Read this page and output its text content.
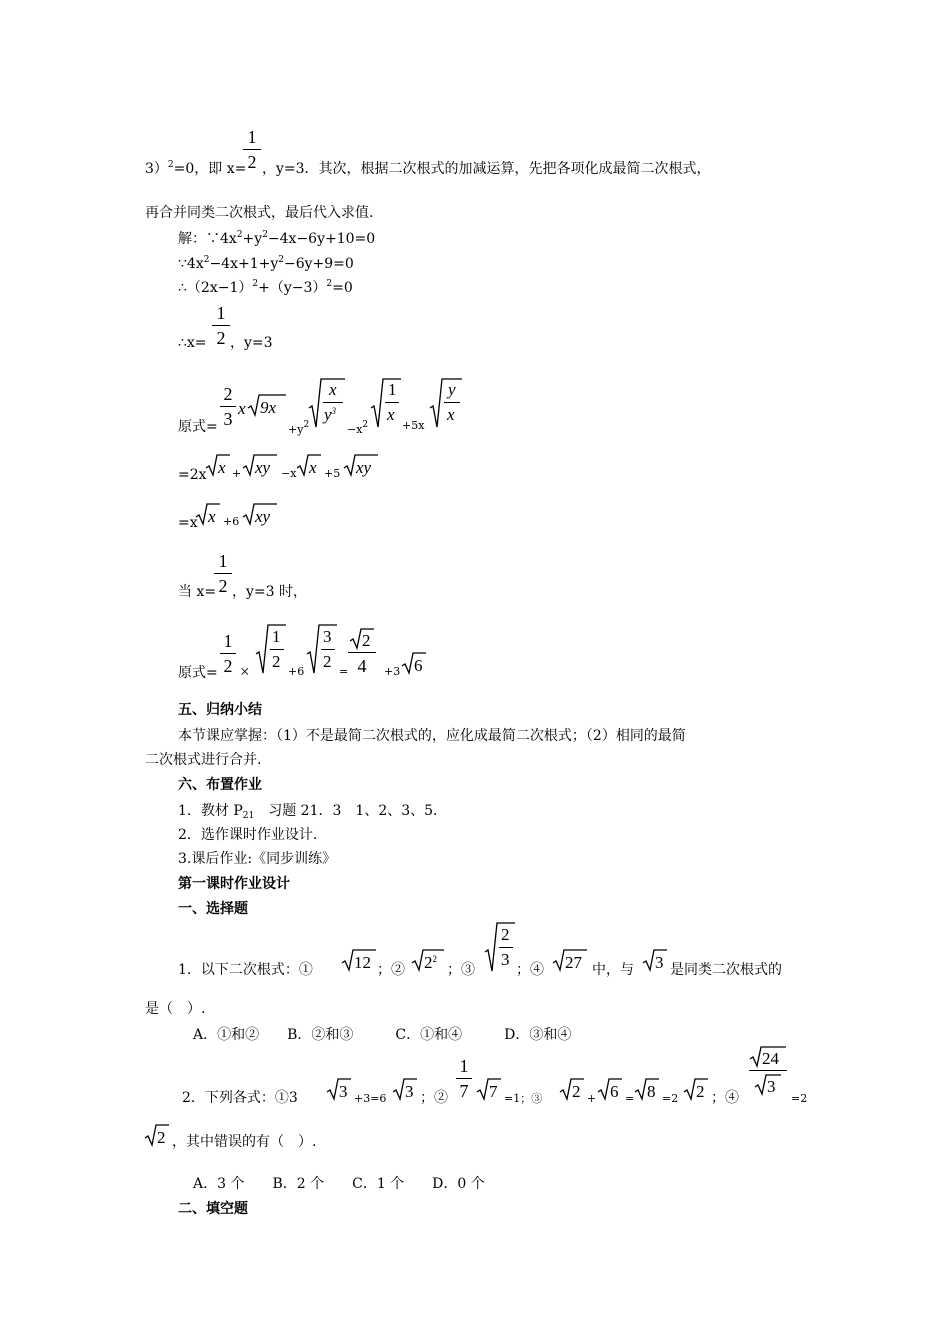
3）$^2$=0，即 x=
1
2 ，y=3．其次，根据二次根式的加减运算，先把各项化成最简二次根式，
再合并同类二次根式，最后代入求值.
解：$\because 4x^2+y^2-4x-6y+10=0$
$\because 4x^2-4x+1+y^2-6y+9=0$
$\therefore(2x-1)^2+(y-3)^2=0$
∴x=
1
2 ，y=3
原式=
2
3
x 9x
$+y^2$
x
$y^3$
$-x^2$
1
x
+5x
y
x
=2x x + xy −x x +5 xy
=x x +6 xy
当 x=
1
2 ，y=3 时，
原式=
1
2 ×
1
2
+6
3
2
=
2
4	+3 6
五、归纳小结
本节课应掌握：（1）不是最简二次根式的，应化成最简二次根式；（2）相同的最简
二次根式进行合并.
六、布置作业
1．教材 $P_{21}$　习题 21．3　1、2、3、5．
2．选作课时作业设计.
3.课后作业:《同步训练》
第一课时作业设计
一、选择题
1．以下二次根式：① 12 ；② $2^2$
；③
2
3
；④ 27 中，与 3 是同类二次根式的
是（　）.
A．①和②　　B．②和③　　　C．①和④　　　D．③和④
2．下列各式：①3 3 +3=6 3 ；②
1
7 7 =1；③ 2 + 6 = 8 =2 2 ；④
24
3
=2
2 ，其中错误的有（　）.
A．3 个　　B．2 个　　C．1 个　　D．0 个
二、填空题
